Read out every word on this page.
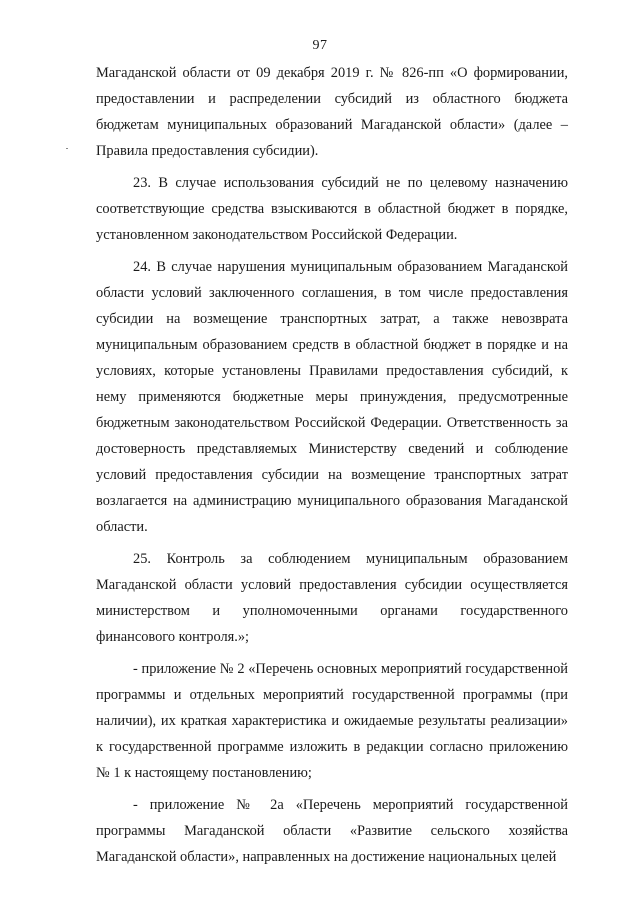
97

Магаданской области от 09 декабря 2019 г. № 826-пп «О формировании, предоставлении и распределении субсидий из областного бюджета бюджетам муниципальных образований Магаданской области» (далее – Правила предоставления субсидии).

23. В случае использования субсидий не по целевому назначению соответствующие средства взыскиваются в областной бюджет в порядке, установленном законодательством Российской Федерации.

24. В случае нарушения муниципальным образованием Магаданской области условий заключенного соглашения, в том числе предоставления субсидии на возмещение транспортных затрат, а также невозврата муниципальным образованием средств в областной бюджет в порядке и на условиях, которые установлены Правилами предоставления субсидий, к нему применяются бюджетные меры принуждения, предусмотренные бюджетным законодательством Российской Федерации. Ответственность за достоверность представляемых Министерству сведений и соблюдение условий предоставления субсидии на возмещение транспортных затрат возлагается на администрацию муниципального образования Магаданской области.

25. Контроль за соблюдением муниципальным образованием Магаданской области условий предоставления субсидии осуществляется министерством и уполномоченными органами государственного финансового контроля.»;

- приложение № 2 «Перечень основных мероприятий государственной программы и отдельных мероприятий государственной программы (при наличии), их краткая характеристика и ожидаемые результаты реализации» к государственной программе изложить в редакции согласно приложению № 1 к настоящему постановлению;

- приложение № 2а «Перечень мероприятий государственной программы Магаданской области «Развитие сельского хозяйства Магаданской области», направленных на достижение национальных целей
